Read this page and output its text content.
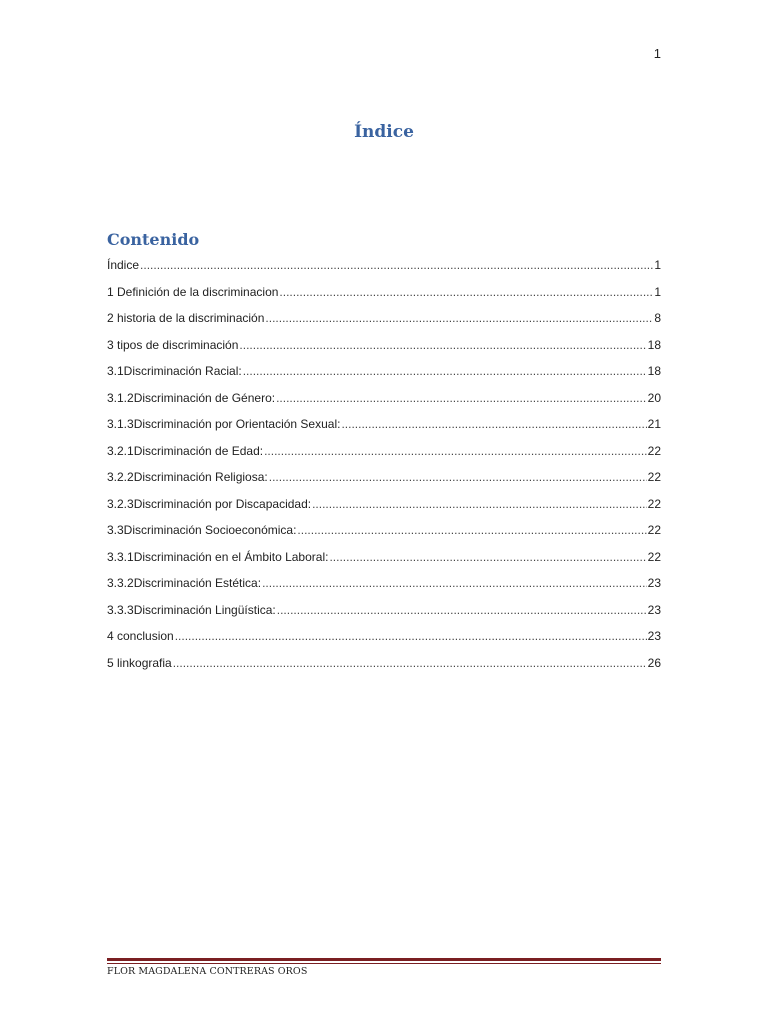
1
Índice
Contenido
Índice .....	1
1 Definición de la discriminacion .....	1
2 historia de la discriminación .....	8
3 tipos de discriminación .....	18
3.1Discriminación Racial: .....	18
3.1.2Discriminación de Género: .....	20
3.1.3Discriminación por Orientación Sexual: .....	21
3.2.1Discriminación de Edad: .....	22
3.2.2Discriminación Religiosa: .....	22
3.2.3Discriminación por Discapacidad: .....	22
3.3Discriminación Socioeconómica: .....	22
3.3.1Discriminación en el Ámbito Laboral: .....	22
3.3.2Discriminación Estética: .....	23
3.3.3Discriminación Lingüística: .....	23
4 conclusion .....	23
5 linkografia .....	26
FLOR MAGDALENA CONTRERAS OROS
